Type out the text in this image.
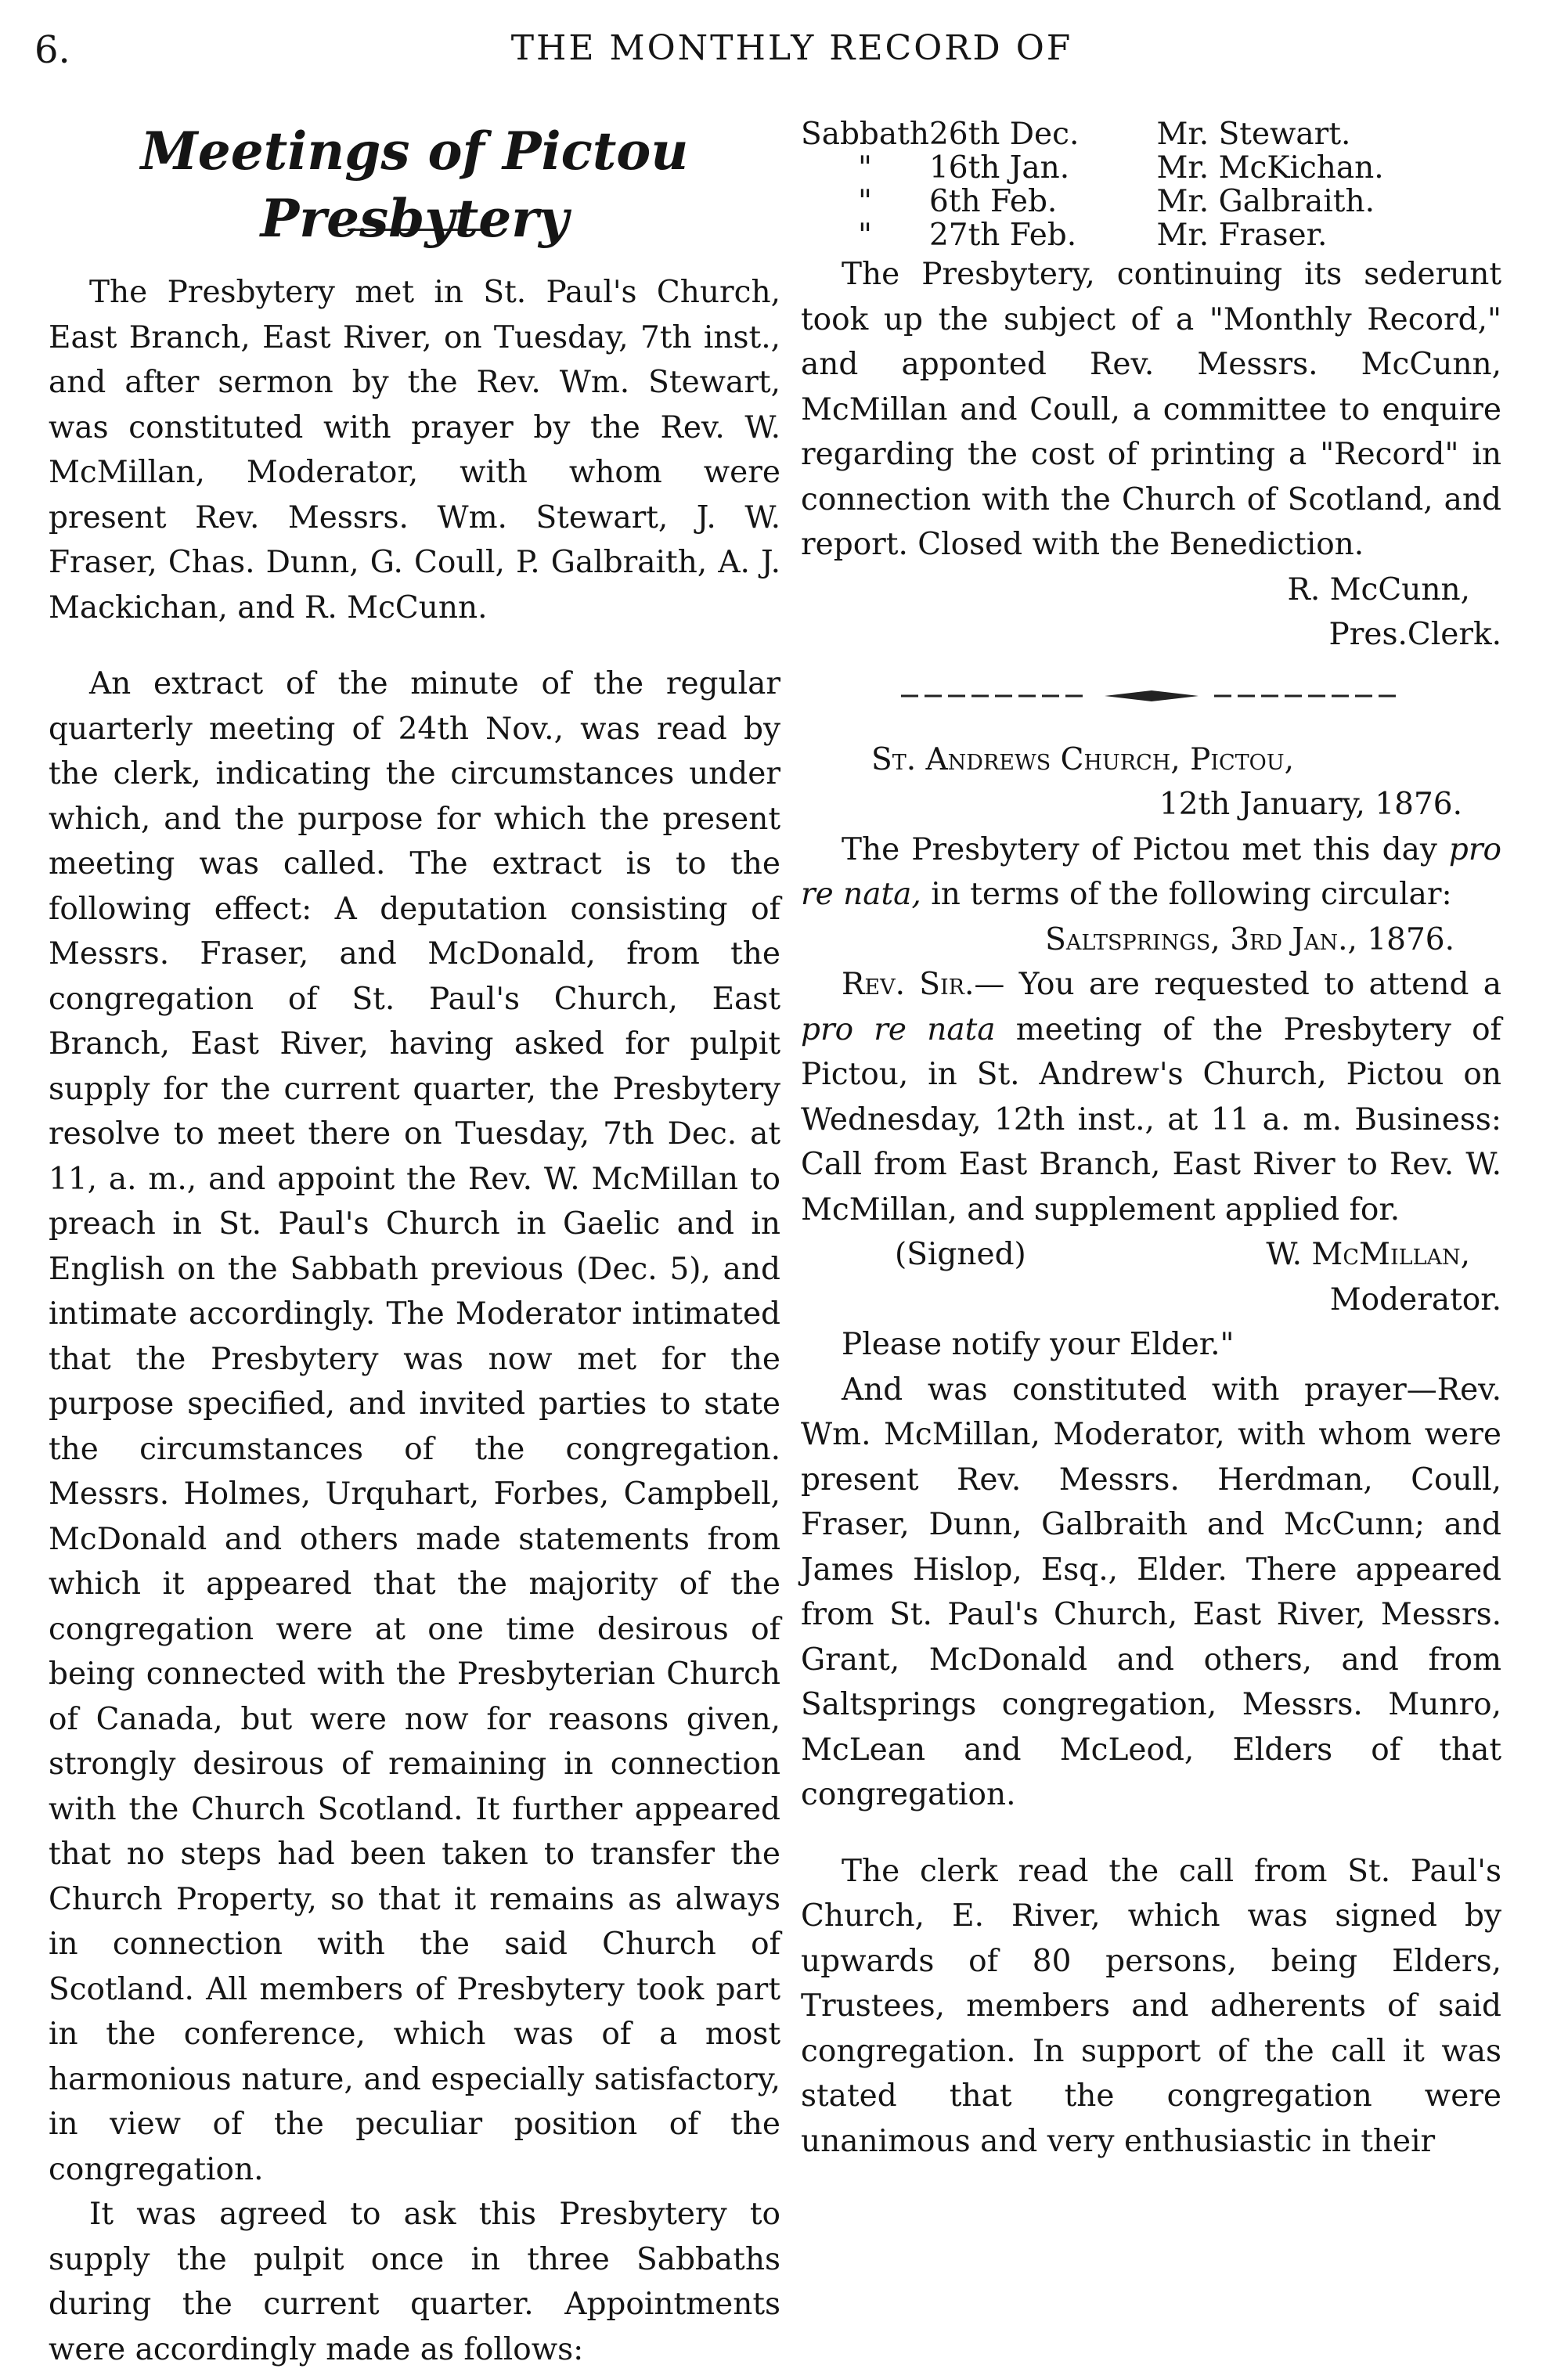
6.	THE MONTHLY RECORD OF
Meetings of Pictou Presbytery

The Presbytery met in St. Paul's Church, East Branch, East River, on Tuesday, 7th inst., and after sermon by the Rev. Wm. Stewart, was constituted with prayer by the Rev. W. McMillan, Moderator, with whom were present Rev. Messrs. Wm. Stewart, J. W. Fraser, Chas. Dunn, G. Coull, P. Galbraith, A. J. Mackichan, and R. McCunn.

An extract of the minute of the regular quarterly meeting of 24th Nov., was read by the clerk, indicating the circumstances under which, and the purpose for which the present meeting was called. The extract is to the following effect: A deputation consisting of Messrs. Fraser, and McDonald, from the congregation of St. Paul's Church, East Branch, East River, having asked for pulpit supply for the current quarter, the Presbytery resolve to meet there on Tuesday, 7th Dec. at 11, a. m., and appoint the Rev. W. McMillan to preach in St. Paul's Church in Gaelic and in English on the Sabbath previous (Dec. 5), and intimate accordingly. The Moderator intimated that the Presbytery was now met for the purpose specified, and invited parties to state the circumstances of the congregation. Messrs. Holmes, Urquhart, Forbes, Campbell, McDonald and others made statements from which it appeared that the majority of the congregation were at one time desirous of being connected with the Presbyterian Church of Canada, but were now for reasons given, strongly desirous of remaining in connection with the Church Scotland. It further appeared that no steps had been taken to transfer the Church Property, so that it remains as always in connection with the said Church of Scotland. All members of Presbytery took part in the conference, which was of a most harmonious nature, and especially satisfactory, in view of the peculiar position of the congregation.

It was agreed to ask this Presbytery to supply the pulpit once in three Sabbaths during the current quarter. Appointments were accordingly made as follows:

Sabbath	26th Dec.	Mr. Stewart.
"	16th Jan.	Mr. McKichan.
"	6th Feb.	Mr. Galbraith.
"	27th Feb.	Mr. Fraser.

The Presbytery, continuing its sederunt took up the subject of a "Monthly Record," and apponted Rev. Messrs. McCunn, McMillan and Coull, a committee to enquire regarding the cost of printing a "Record" in connection with the Church of Scotland, and report. Closed with the Benediction.

R. McCunn,

Pres.Clerk.

St. Andrews Church, Pictou,

12th January, 1876.

The Presbytery of Pictou met this day pro re nata, in terms of the following circular:

Saltsprings, 3rd Jan., 1876.

Rev. Sir.— You are requested to attend a pro re nata meeting of the Presbytery of Pictou, in St. Andrew's Church, Pictou on Wednesday, 12th inst., at 11 a. m. Business: Call from East Branch, East River to Rev. W. McMillan, and supplement applied for.

(Signed)	W. McMillan,

Moderator.

Please notify your Elder."

And was constituted with prayer—Rev. Wm. McMillan, Moderator, with whom were present Rev. Messrs. Herdman, Coull, Fraser, Dunn, Galbraith and McCunn; and James Hislop, Esq., Elder. There appeared from St. Paul's Church, East River, Messrs. Grant, McDonald and others, and from Saltsprings congregation, Messrs. Munro, McLean and McLeod, Elders of that congregation.

The clerk read the call from St. Paul's Church, E. River, which was signed by upwards of 80 persons, being Elders, Trustees, members and adherents of said congregation. In support of the call it was stated that the congregation were unanimous and very enthusiastic in their
